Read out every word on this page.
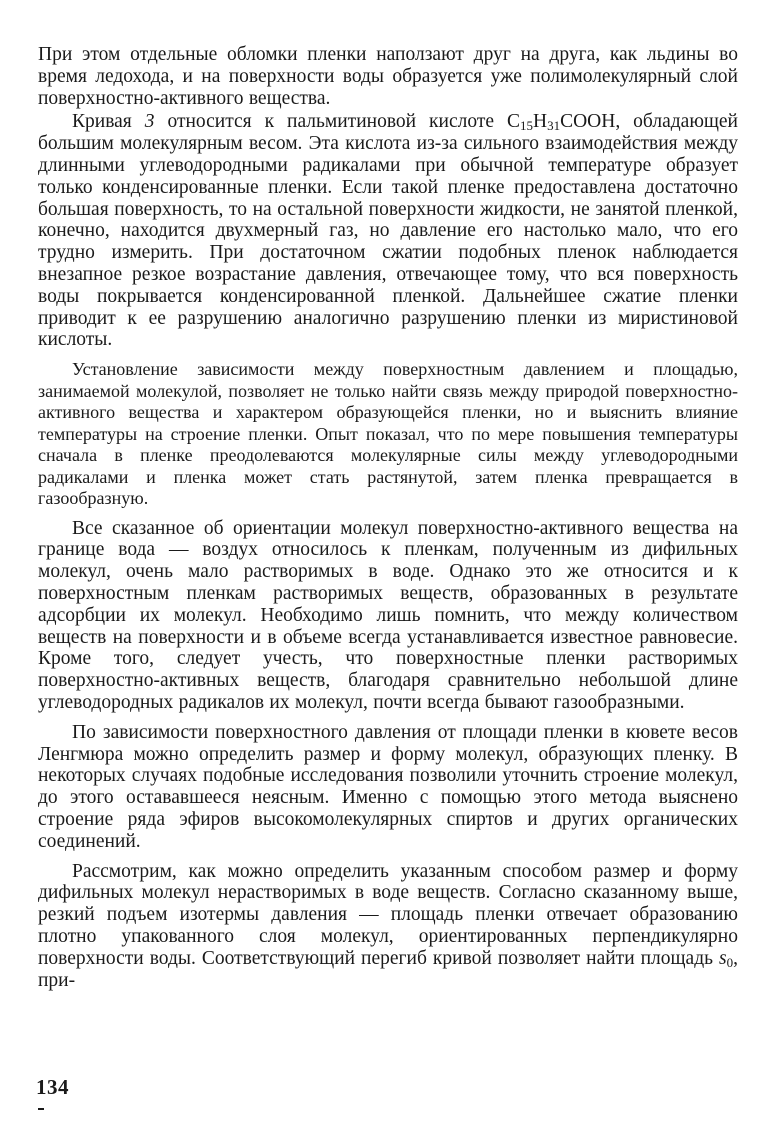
При этом отдельные обломки пленки наползают друг на друга, как льдины во время ледохода, и на поверхности воды образуется уже полимолекулярный слой поверхностно-активного вещества.

Кривая 3 относится к пальмитиновой кислоте $C_{15}H_{31}COOH$, обладающей большим молекулярным весом. Эта кислота из-за сильного взаимодействия между длинными углеводородными радикалами при обычной температуре образует только конденсированные пленки. Если такой пленке предоставлена достаточно большая поверхность, то на остальной поверхности жидкости, не занятой пленкой, конечно, находится двухмерный газ, но давление его настолько мало, что его трудно измерить. При достаточном сжатии подобных пленок наблюдается внезапное резкое возрастание давления, отвечающее тому, что вся поверхность воды покрывается конденсированной пленкой. Дальнейшее сжатие пленки приводит к ее разрушению аналогично разрушению пленки из миристиновой кислоты.

Установление зависимости между поверхностным давлением и площадью, занимаемой молекулой, позволяет не только найти связь между природой поверхностно-активного вещества и характером образующейся пленки, но и выяснить влияние температуры на строение пленки. Опыт показал, что по мере повышения температуры сначала в пленке преодолеваются молекулярные силы между углеводородными радикалами и пленка может стать растянутой, затем пленка превращается в газообразную.

Все сказанное об ориентации молекул поверхностно-активного вещества на границе вода — воздух относилось к пленкам, полученным из дифильных молекул, очень мало растворимых в воде. Однако это же относится и к поверхностным пленкам растворимых веществ, образованных в результате адсорбции их молекул. Необходимо лишь помнить, что между количеством веществ на поверхности и в объеме всегда устанавливается известное равновесие. Кроме того, следует учесть, что поверхностные пленки растворимых поверхностно-активных веществ, благодаря сравнительно небольшой длине углеводородных радикалов их молекул, почти всегда бывают газообразными.

По зависимости поверхностного давления от площади пленки в кювете весов Ленгмюра можно определить размер и форму молекул, образующих пленку. В некоторых случаях подобные исследования позволили уточнить строение молекул, до этого остававшееся неясным. Именно с помощью этого метода выяснено строение ряда эфиров высокомолекулярных спиртов и других органических соединений.

Рассмотрим, как можно определить указанным способом размер и форму дифильных молекул нерастворимых в воде веществ. Согласно сказанному выше, резкий подъем изотермы давления — площадь пленки отвечает образованию плотно упакованного слоя молекул, ориентированных перпендикулярно поверхности воды. Соответствующий перегиб кривой позволяет найти площадь $s_0$, при-

134
